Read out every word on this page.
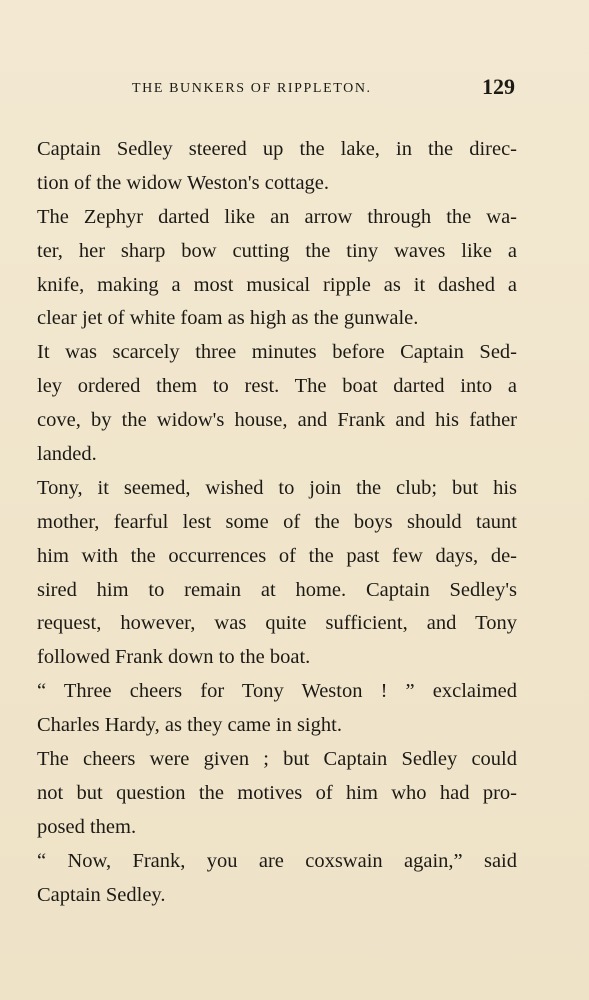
THE BUNKERS OF RIPPLETON.	129
Captain Sedley steered up the lake, in the direc-
tion of the widow Weston's cottage.
The Zephyr darted like an arrow through the wa-
ter, her sharp bow cutting the tiny waves like a
knife, making a most musical ripple as it dashed a
clear jet of white foam as high as the gunwale.
It was scarcely three minutes before Captain Sed-
ley ordered them to rest. The boat darted into a
cove, by the widow's house, and Frank and his father
landed.
Tony, it seemed, wished to join the club; but his
mother, fearful lest some of the boys should taunt
him with the occurrences of the past few days, de-
sired him to remain at home. Captain Sedley's
request, however, was quite sufficient, and Tony
followed Frank down to the boat.
“ Three cheers for Tony Weston ! ” exclaimed
Charles Hardy, as they came in sight.
The cheers were given ; but Captain Sedley could
not but question the motives of him who had pro-
posed them.
“ Now, Frank, you are coxswain again,” said
Captain Sedley.
